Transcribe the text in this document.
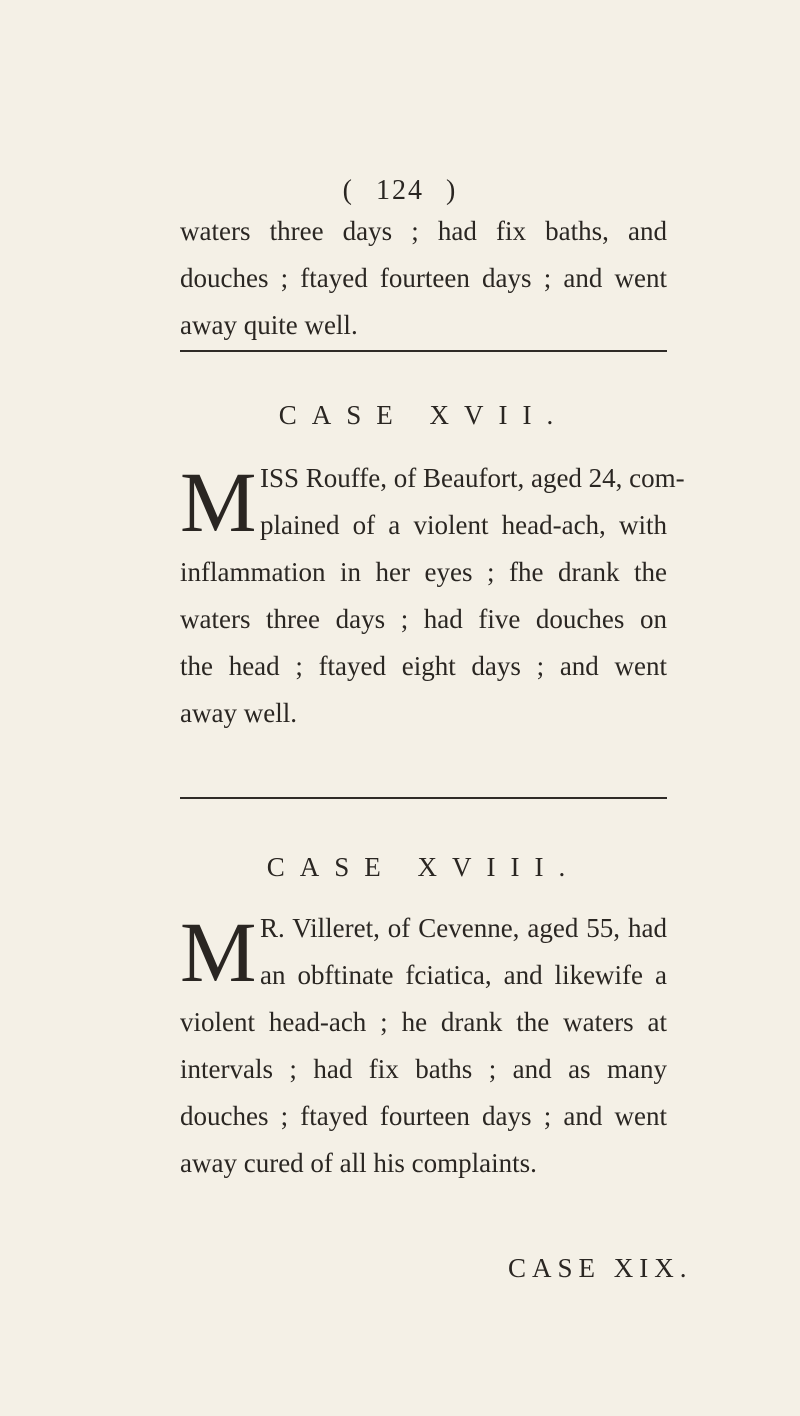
( 124 )
waters three days ; had fix baths, and
douches ; ftayed fourteen days ; and went
away quite well.
CASE XVII.
M ISS Rouffe, of Beaufort, aged 24, com-
plained of a violent head-ach, with
inflammation in her eyes ; fhe drank the
waters three days ; had five douches on
the head ; ftayed eight days ; and went
away well.
CASE XVIII.
M R. Villeret, of Cevenne, aged 55, had
an obftinate fciatica, and likewife a
violent head-ach ; he drank the waters at
intervals ; had fix baths ; and as many
douches ; ftayed fourteen days ; and went
away cured of all his complaints.
CASE XIX.
